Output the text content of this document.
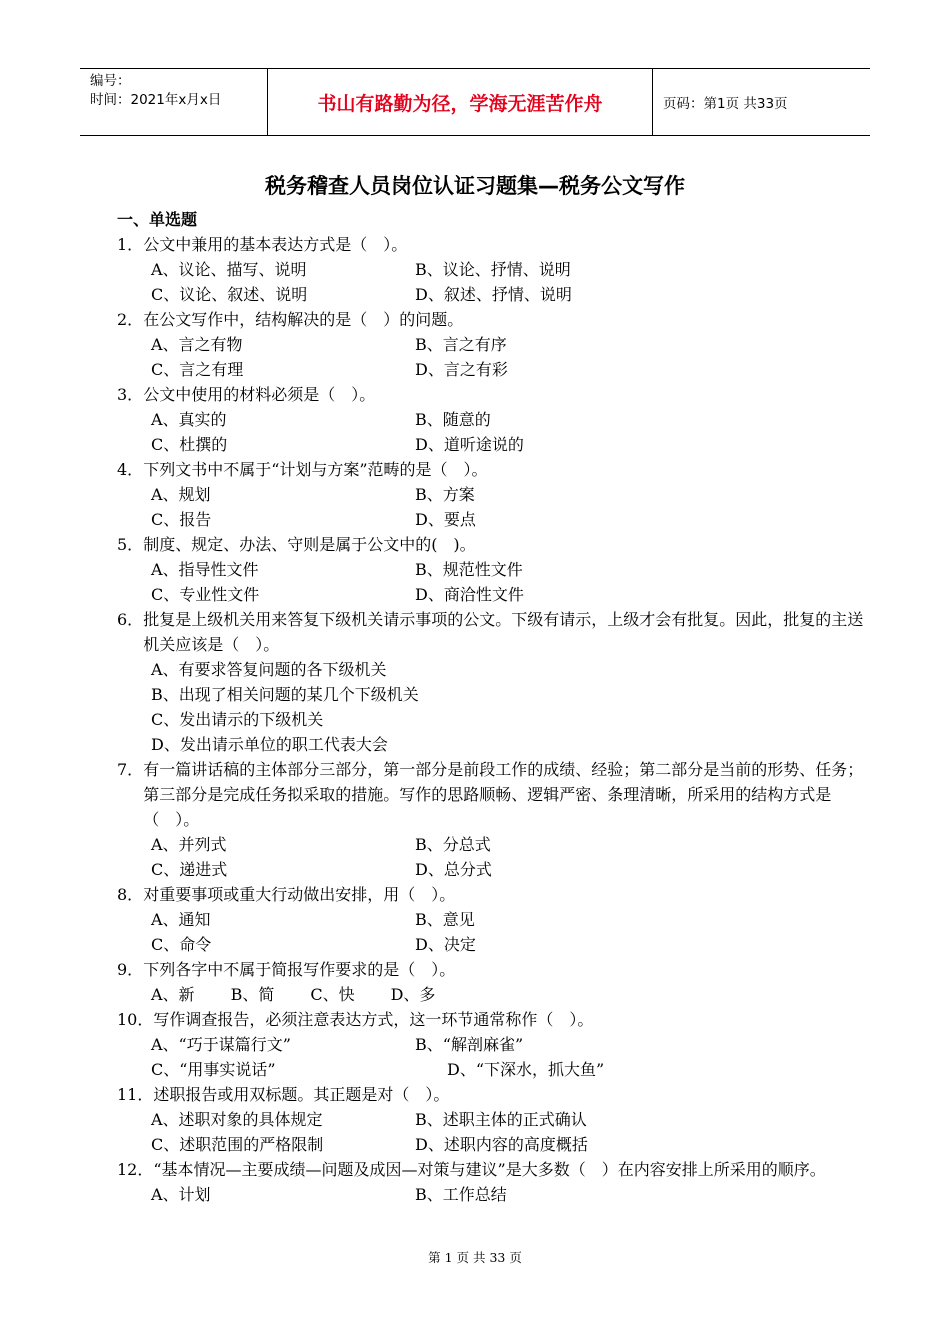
编号：
时间：2021年x月x日	书山有路勤为径，学海无涯苦作舟	页码：第1页 共33页
税务稽查人员岗位认证习题集—税务公文写作
一、单选题
1． 公文中兼用的基本表达方式是（　）。
A、议论、描写、说明	B、议论、抒情、说明
C、议论、叙述、说明	D、叙述、抒情、说明
2． 在公文写作中，结构解决的是（　）的问题。
A、言之有物	B、言之有序
C、言之有理	D、言之有彩
3． 公文中使用的材料必须是（　）。
A、真实的	B、随意的
C、杜撰的	D、道听途说的
4． 下列文书中不属于“计划与方案”范畴的是（　）。
A、规划	B、方案
C、报告	D、要点
5． 制度、规定、办法、守则是属于公文中的(　)。
A、指导性文件	B、规范性文件
C、专业性文件	D、商洽性文件
6． 批复是上级机关用来答复下级机关请示事项的公文。下级有请示，上级才会有批复。因此，批复的主送机关应该是（　）。
A、有要求答复问题的各下级机关
B、出现了相关问题的某几个下级机关
C、发出请示的下级机关
D、发出请示单位的职工代表大会
7． 有一篇讲话稿的主体部分三部分，第一部分是前段工作的成绩、经验；第二部分是当前的形势、任务；第三部分是完成任务拟采取的措施。写作的思路顺畅、逻辑严密、条理清晰，所采用的结构方式是（　）。
A、并列式	B、分总式
C、递进式	D、总分式
8． 对重要事项或重大行动做出安排，用（　）。
A、通知	B、意见
C、命令	D、决定
9． 下列各字中不属于简报写作要求的是（　）。
A、新 B、简 C、快 D、多
10． 写作调查报告，必须注意表达方式，这一环节通常称作（　）。
A、“巧于谋篇行文”	B、“解剖麻雀”
C、“用事实说话”	　　D、“下深水，抓大鱼”
11． 述职报告或用双标题。其正题是对（　）。
A、述职对象的具体规定	B、述职主体的正式确认
C、述职范围的严格限制	D、述职内容的高度概括
12． “基本情况—主要成绩—问题及成因—对策与建议”是大多数（　）在内容安排上所采用的顺序。
A、计划	B、工作总结
第 1 页 共 33 页
